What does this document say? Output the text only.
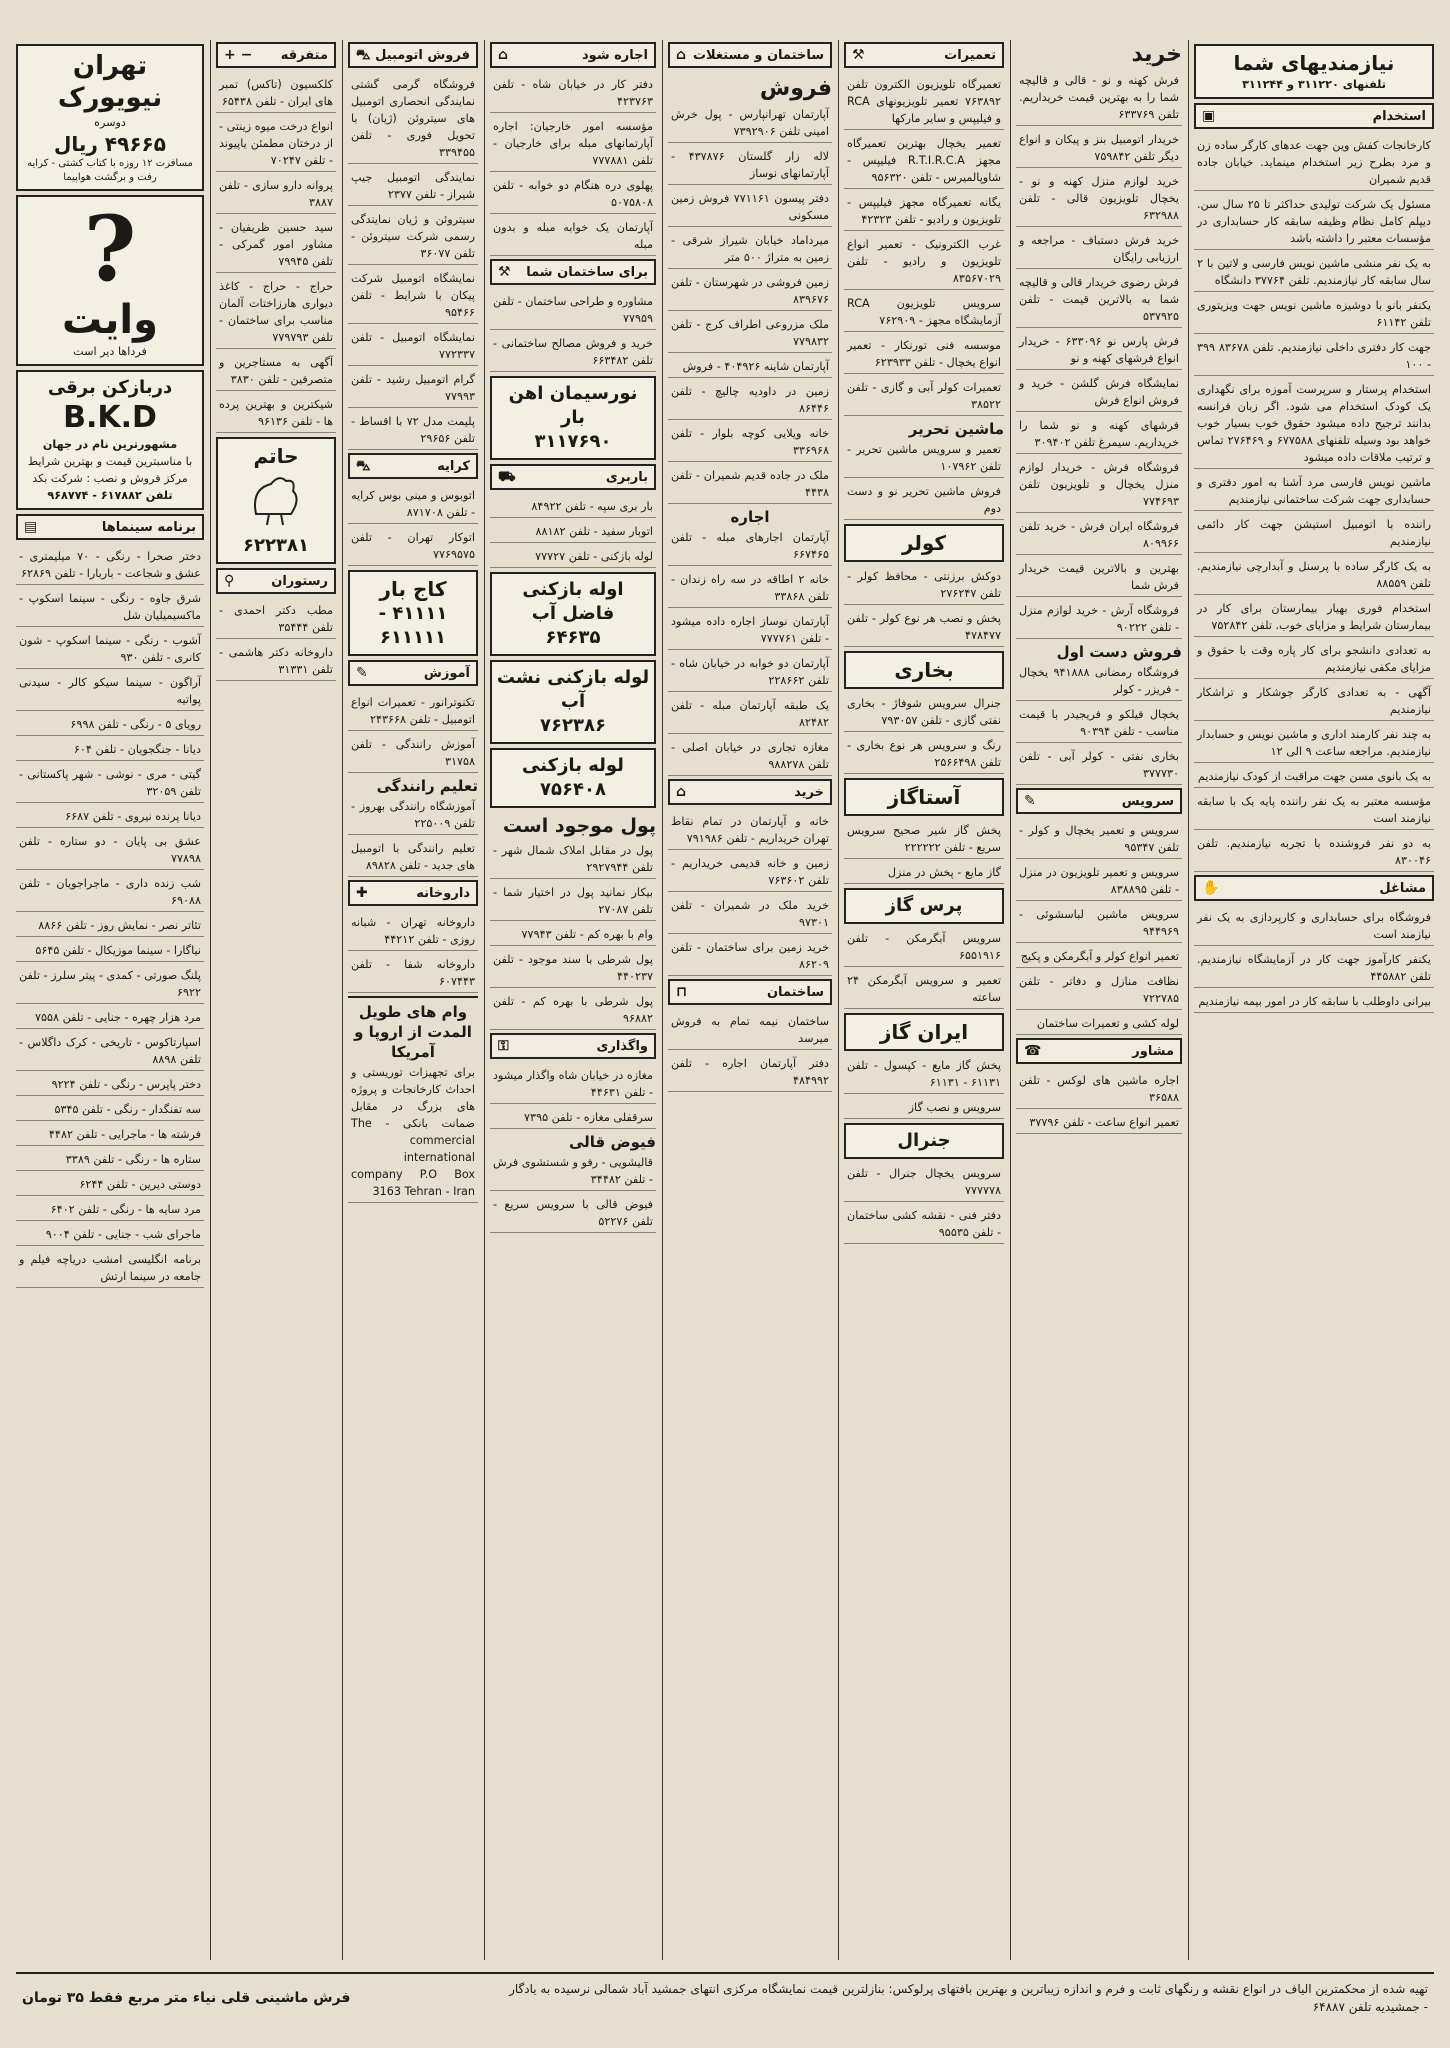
نیازمندیهای شما
تلفنهای ۳۱۱۲۲۰ و ۳۱۱۲۴۴
استخدام
▣
کارخانجات کفش وین جهت عدهای کارگر ساده زن و مرد بطرح زیر استخدام مینماید. خیابان جاده قدیم شمیران
مسئول یک شرکت تولیدی حداکثر تا ۲۵ سال سن. دیپلم کامل نظام وظیفه سابقه کار حسابداری در مؤسسات معتبر را داشته باشد
به یک نفر منشی ماشین نویس فارسی و لاتین با ۲ سال سابقه کار نیازمندیم. تلفن ۳۷۷۶۴ دانشگاه
یکنفر بانو با دوشیزه ماشین نویس جهت ویزیتوری تلفن ۶۱۱۴۲
جهت کار دفتری داخلی نیازمندیم. تلفن ۸۳۶۷۸ ۳۹۹ - ۱۰۰
استخدام پرستار و سرپرست آموزه برای نگهداری یک کودک استخدام می شود. اگر زبان فرانسه بدانند ترجیح داده میشود حقوق خوب بسیار خوب خواهد بود وسیله تلفنهای ۶۷۷۵۸۸ و ۲۷۶۴۶۹ تماس و ترتیب ملاقات داده میشود
ماشین نویس فارسی مرد آشنا به امور دفتری و حسابداری جهت شرکت ساختمانی نیازمندیم
راننده با اتومبیل استیشن جهت کار دائمی نیازمندیم
به یک کارگر ساده با پرسنل و آبدارچی نیازمندیم. تلفن ۸۸۵۵۹
استخدام فوری بهیار بیمارستان برای کار در بیمارستان شرایط و مزایای خوب. تلفن ۷۵۲۸۴۲
به تعدادی دانشجو برای کار پاره وقت با حقوق و مزایای مکفی نیازمندیم
آگهی - به تعدادی کارگر جوشکار و تراشکار نیازمندیم
به چند نفر کارمند اداری و ماشین نویس و حسابدار نیازمندیم. مراجعه ساعت ۹ الی ۱۲
به یک بانوی مسن جهت مراقبت از کودک نیازمندیم
مؤسسه معتبر به یک نفر راننده پایه یک با سابقه نیازمند است
به دو نفر فروشنده با تجربه نیازمندیم. تلفن ۸۳۰۰۴۶
مشاغل
✋
فروشگاه برای حسابداری و کارپردازی به یک نفر نیازمند است
یکنفر کارآموز جهت کار در آزمایشگاه نیازمندیم. تلفن ۴۴۵۸۸۲
بیرانی داوطلب با سابقه کار در امور بیمه نیازمندیم
خرید
فرش کهنه و نو - قالی و قالیچه شما را به بهترین قیمت خریداریم. تلفن ۶۳۳۷۶۹
خریدار اتومبیل بنز و پیکان و انواع دیگر تلفن ۷۵۹۸۴۲
خرید لوازم منزل کهنه و نو - یخچال تلویزیون قالی - تلفن ۶۳۲۹۸۸
خرید فرش دستباف - مراجعه و ارزیابی رایگان
فرش رضوی خریدار قالی و قالیچه شما به بالاترین قیمت - تلفن ۵۳۷۹۲۵
فرش پارس نو ۶۳۳۰۹۶ - خریدار انواع فرشهای کهنه و نو
نمایشگاه فرش گلشن - خرید و فروش انواع فرش
فرشهای کهنه و نو شما را خریداریم. سیمرغ تلفن ۳۰۹۴۰۲
فروشگاه فرش - خریدار لوازم منزل یخچال و تلویزیون تلفن ۷۷۴۶۹۳
فروشگاه ایران فرش - خرید تلفن ۸۰۹۹۶۶
بهترین و بالاترین قیمت خریدار فرش شما
فروشگاه آرش - خرید لوازم منزل - تلفن ۹۰۲۲۲
فروش دست اول
فروشگاه رمضانی ۹۴۱۸۸۸ یخچال - فریزر - کولر
یخچال فیلکو و فریجیدر با قیمت مناسب - تلفن ۹۰۳۹۴
بخاری نفتی - کولر آبی - تلفن ۳۷۷۷۳۰
سرویس
✎
سرویس و تعمیر یخچال و کولر - تلفن ۹۵۳۴۷
سرویس و تعمیر تلویزیون در منزل - تلفن ۸۳۸۸۹۵
سرویس ماشین لباسشوئی - ۹۴۴۹۶۹
تعمیر انواع کولر و آبگرمکن و پکیج
نظافت منازل و دفاتر - تلفن ۷۲۲۷۸۵
لوله کشی و تعمیرات ساختمان
مشاور
☎
اجاره ماشین های لوکس - تلفن ۳۶۵۸۸
تعمیر انواع ساعت - تلفن ۳۷۷۹۶
تعمیرات
⚒
تعمیرگاه تلویزیون الکترون تلفن ۷۶۳۸۹۲ تعمیر تلویزیونهای RCA و فیلیپس و سایر مارکها
تعمیر یخچال بهترین تعمیرگاه مجهز R.T.I.R.C.A فیلیپس - شاوپالمیرس - تلفن ۹۵۶۳۲۰
یگانه تعمیرگاه مجهز فیلیپس - تلویزیون و رادیو - تلفن ۴۲۳۲۳
غرب الکترونیک - تعمیر انواع تلویزیون و رادیو - تلفن ۸۳۵۶۷۰۲۹
سرویس تلویزیون RCA آزمایشگاه مجهز - ۷۶۲۹۰۹
موسسه فنی تورنکار - تعمیر انواع یخچال - تلفن ۶۲۳۹۳۳
تعمیرات کولر آبی و گازی - تلفن ۳۸۵۲۲
ماشین تحریر
تعمیر و سرویس ماشین تحریر - تلفن ۱۰۷۹۶۲
فروش ماشین تحریر نو و دست دوم
کولر
دوکش برزنتی - محافظ کولر - تلفن ۲۷۶۲۴۷
پخش و نصب هر نوع کولر - تلفن ۴۷۸۴۷۷
بخاری
جنرال سرویس شوفاژ - بخاری نفتی گازی - تلفن ۷۹۳۰۵۷
رنگ و سرویس هر نوع بخاری - تلفن ۲۵۶۶۴۹۸
آستاگاز
پخش گاز شیر صحیح سرویس سریع - تلفن ۲۲۲۲۲۲
گاز مایع - پخش در منزل
پرس گاز
سرویس آبگرمکن - تلفن ۶۵۵۱۹۱۶
تعمیر و سرویس آبگرمکن ۲۴ ساعته
ایران گاز
پخش گاز مایع - کپسول - تلفن ۶۱۱۳۱ - ۶۱۱۳۱
سرویس و نصب گاز
جنرال
سرویس یخچال جنرال - تلفن ۷۷۷۷۷۸
دفتر فنی - نقشه کشی ساختمان - تلفن ۹۵۵۳۵
ساختمان و مستغلات
⌂
فروش
آپارتمان تهرانپارس - پول خرش امینی تلفن ۷۳۹۲۹۰۶
لاله زار گلستان ۴۳۷۸۷۶ - آپارتمانهای نوساز
دفتر پیسون ۷۷۱۱۶۱ فروش زمین مسکونی
میرداماد خیابان شیراز شرقی - زمین به متراژ ۵۰۰ متر
زمین فروشی در شهرستان - تلفن ۸۳۹۶۷۶
ملک مزروعی اطراف کرج - تلفن ۷۷۹۸۳۲
آپارتمان شاینه ۴۰۴۹۲۶ - فروش
زمین در داودیه چالیچ - تلفن ۸۶۴۴۶
خانه ویلایی کوچه بلوار - تلفن ۳۳۶۹۶۸
ملک در جاده قدیم شمیران - تلفن ۴۴۳۸
اجاره
آپارتمان اجارهای مبله - تلفن ۶۶۷۴۶۵
خانه ۲ اطاقه در سه راه زندان - تلفن ۳۳۸۶۸
آپارتمان نوساز اجاره داده میشود - تلفن ۷۷۷۷۶۱
آپارتمان دو خوابه در خیابان شاه - تلفن ۲۲۸۶۶۲
یک طبقه آپارتمان مبله - تلفن ۸۲۴۸۲
مغازه تجاری در خیابان اصلی - تلفن ۹۸۸۲۷۸
خرید
⌂
خانه و آپارتمان در تمام نقاط تهران خریداریم - تلفن ۷۹۱۹۸۶
زمین و خانه قدیمی خریداریم - تلفن ۷۶۳۶۰۲
خرید ملک در شمیران - تلفن ۹۷۳۰۱
خرید زمین برای ساختمان - تلفن ۸۶۲۰۹
ساختمان
⊓
ساختمان نیمه تمام به فروش میرسد
دفتر آپارتمان اجاره - تلفن ۴۸۴۹۹۲
اجاره شود
⌂
دفتر کار در خیابان شاه - تلفن ۴۲۳۷۶۳
مؤسسه امور خارجیان: اجاره آپارتمانهای مبله برای خارجیان - تلفن ۷۷۷۸۸۱
پهلوی دره هنگام دو خوابه - تلفن ۵۰۷۵۸۰۸
آپارتمان یک خوابه مبله و بدون مبله
برای ساختمان شما
⚒
مشاوره و طراحی ساختمان - تلفن ۷۷۹۵۹
خرید و فروش مصالح ساختمانی - تلفن ۶۶۳۴۸۲
نورسیمان اهن بار
۳۱۱۷۶۹۰
باربری
⛟
بار بری سپه - تلفن ۸۴۹۲۲
اتوبار سفید - تلفن ۸۸۱۸۲
لوله بازکنی - تلفن ۷۷۷۲۷
اوله بازکنی فاضل آب
۶۴۶۳۵
لوله بازکنی نشت آب
۷۶۲۳۸۶
لوله بازکنی
۷۵۶۴۰۸
پول موجود است
پول در مقابل املاک شمال شهر - تلفن ۲۹۲۷۹۴۴
بیکار نمانید پول در اختیار شما - تلفن ۲۷۰۸۷
وام با بهره کم - تلفن ۷۷۹۴۳
پول شرطی با سند موجود - تلفن ۴۴۰۲۳۷
پول شرطی با بهره کم - تلفن ۹۶۸۸۲
واگذاری
⚿
مغازه در خیابان شاه واگذار میشود - تلفن ۴۴۶۳۱
سرقفلی مغازه - تلفن ۷۳۹۵
فیوض قالی
قالیشویی - رفو و شستشوی فرش - تلفن ۳۴۴۸۲
فیوض قالی با سرویس سریع - تلفن ۵۲۲۷۶
فروش اتومبیل
⛍
فروشگاه گرمی گشتی نمایندگی انحصاری اتومبیل های سیتروئن (ژیان) با تحویل فوری - تلفن ۳۳۹۴۵۵
نمایندگی اتومبیل جیپ شیراز - تلفن ۲۳۷۷
سیتروئن و ژیان نمایندگی رسمی شرکت سیتروئن - تلفن ۳۶۰۷۷
نمایشگاه اتومبیل شرکت پیکان با شرایط - تلفن ۹۵۴۶۶
نمایشگاه اتومبیل - تلفن ۷۷۲۳۳۷
گرام اتومبیل رشید - تلفن ۷۷۹۹۳
پلیمت مدل ۷۲ با اقساط - تلفن ۲۹۶۵۶
کرایه
⛍
اتوبوس و مینی بوس کرایه - تلفن ۸۷۱۷۰۸
اتوکار تهران - تلفن ۷۷۶۹۵۷۵
کاج بار
۴۱۱۱۱ - ۶۱۱۱۱۱
آموزش
✎
تکنوترانور - تعمیرات انواع اتومبیل - تلفن ۲۴۳۶۶۸
آموزش رانندگی - تلفن ۳۱۷۵۸
تعلیم رانندگی
آموزشگاه رانندگی بهروز - تلفن ۲۲۵۰۰۹
تعلیم رانندگی با اتومبیل های جدید - تلفن ۸۹۸۲۸
داروخانه
✚
داروخانه تهران - شبانه روزی - تلفن ۴۴۲۱۲
داروخانه شفا - تلفن ۶۰۷۴۴۳
وام های طویل المدت از اروپا و آمریکا
برای تجهیزات توریستی و احداث کارخانجات و پروژه های بزرگ در مقابل ضمانت بانکی - The commercial international company P.O Box 3163 Tehran - Iran
متفرقه
+ −
کلکسیون (تاکس) تمبر های ایران - تلفن ۶۵۴۳۸
انواع درخت میوه زینتی - از درختان مطمئن یاپیوند - تلفن ۷۰۲۴۷
پروانه دارو سازی - تلفن ۳۸۸۷
سید حسین ظریفیان - مشاور امور گمرکی - تلفن ۷۹۹۴۵
حراج - حراج - کاغذ دیواری هارزاختات آلمان مناسب برای ساختمان - تلفن ۷۷۹۷۹۳
آگهی به مستاجرین و متصرفین - تلفن ۳۸۳۰
شیکترین و بهترین پرده ها - تلفن ۹۶۱۳۶
حاتم
۶۲۲۳۸۱
رستوران
⚲
مطب دکتر احمدی - تلفن ۳۵۴۴۴
داروخانه دکتر هاشمی - تلفن ۳۱۳۳۱
تهران
نیویورک
دوسره
۴۹۶۶۵ ریال
مسافرت ۱۲ روزه با کتاب کشتی - کرایه رفت و برگشت هواپیما
?
وایت
فرداها دیر است
دربازکن برقی
B.K.D
مشهورترین نام در جهان
با مناسبترین قیمت و بهترین شرایط
مرکز فروش و نصب : شرکت بکد
تلفن ۶۱۷۸۸۲ - ۹۶۸۷۷۴
برنامه سینماها
▤
دختر صحرا - رنگی - ۷۰ میلیمتری - عشق و شجاعت - باربارا - تلفن ۶۲۸۶۹
شرق جاوه - رنگی - سینما اسکوپ - ماکسیمیلیان شل
آشوب - رنگی - سینما اسکوپ - شون کانری - تلفن ۹۳۰
آراگون - سینما سیکو کالر - سیدنی پواتیه
رویای ۵ - رنگی - تلفن ۶۹۹۸
دیانا - جنگجویان - تلفن ۶۰۴
گیتی - مری - نوشی - شهر پاکستانی - تلفن ۳۲۰۵۹
دیانا پرنده نیروی - تلفن ۶۶۸۷
عشق بی پایان - دو ستاره - تلفن ۷۷۸۹۸
شب زنده داری - ماجراجویان - تلفن ۶۹۰۸۸
تئاتر نصر - نمایش روز - تلفن ۸۸۶۶
نیاگارا - سینما موزیکال - تلفن ۵۶۴۵
پلنگ صورتی - کمدی - پیتر سلرز - تلفن ۶۹۲۲
مرد هزار چهره - جنایی - تلفن ۷۵۵۸
اسپارتاکوس - تاریخی - کرک داگلاس - تلفن ۸۸۹۸
دختر پاپرس - رنگی - تلفن ۹۲۲۴
سه تفنگدار - رنگی - تلفن ۵۳۴۵
فرشته ها - ماجرایی - تلفن ۴۴۸۲
ستاره ها - رنگی - تلفن ۳۳۸۹
دوستی دیرین - تلفن ۶۲۴۴
مرد سایه ها - رنگی - تلفن ۶۴۰۲
ماجرای شب - جنایی - تلفن ۹۰۰۴
برنامه انگلیسی امشب دریاچه فیلم و جامعه در سینما ارتش
تهیه شده از محکمترین الیاف در انواع نقشه و رنگهای ثابت و فرم و اندازه زیباترین و بهترین بافتهای پرلوکس: بنازلترین قیمت نمایشگاه مرکزی انتهای جمشید آباد شمالی نرسیده به یادگار - جمشیدیه تلفن ۶۴۸۸۷
فرش ماشینی قلی نیاء متر مربع فقط ۳۵ تومان
